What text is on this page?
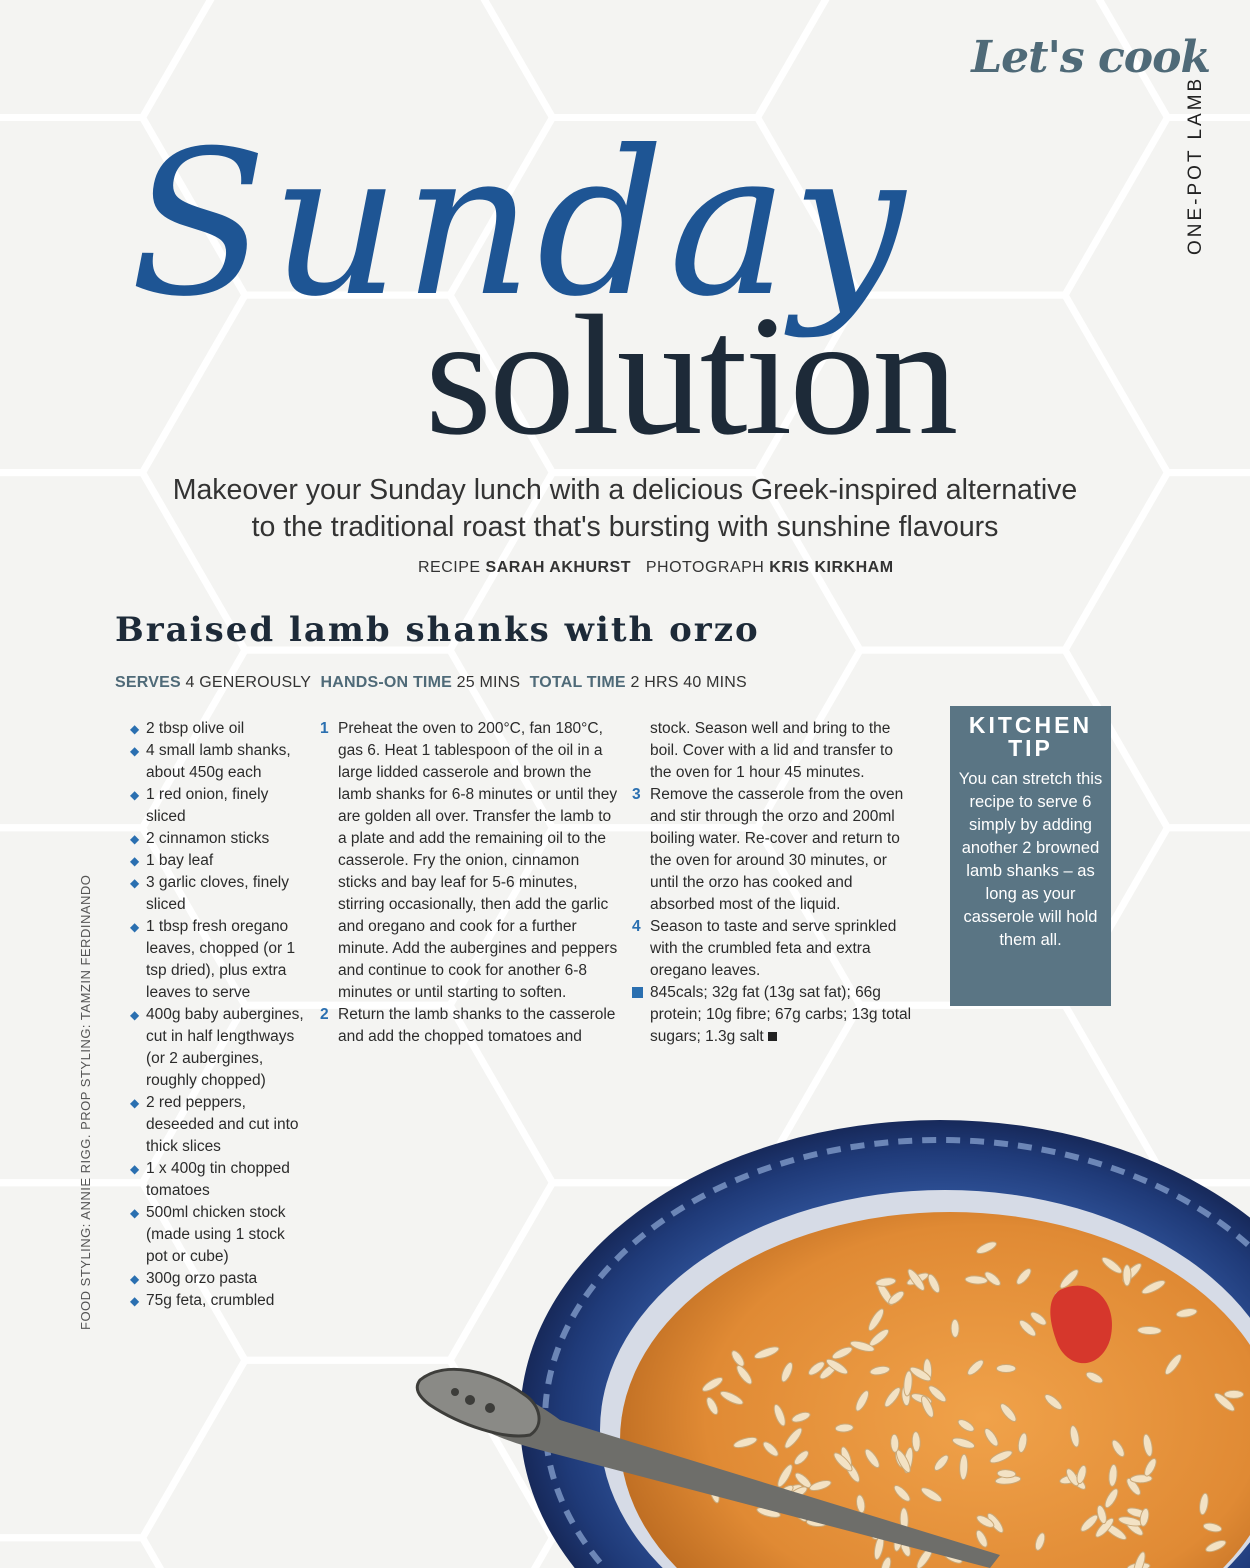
Let's cook
ONE-POT LAMB
Sunday
solution
Makeover your Sunday lunch with a delicious Greek-inspired alternative
to the traditional roast that's bursting with sunshine flavours
RECIPE SARAH AKHURST PHOTOGRAPH KRIS KIRKHAM
Braised lamb shanks with orzo
SERVES 4 GENEROUSLY HANDS-ON TIME 25 MINS TOTAL TIME 2 HRS 40 MINS
◆ 2 tbsp olive oil
◆ 4 small lamb shanks, about 450g each
◆ 1 red onion, finely sliced
◆ 2 cinnamon sticks
◆ 1 bay leaf
◆ 3 garlic cloves, finely sliced
◆ 1 tbsp fresh oregano leaves, chopped (or 1 tsp dried), plus extra leaves to serve
◆ 400g baby aubergines, cut in half lengthways (or 2 aubergines, roughly chopped)
◆ 2 red peppers, deseeded and cut into thick slices
◆ 1 x 400g tin chopped tomatoes
◆ 500ml chicken stock (made using 1 stock pot or cube)
◆ 300g orzo pasta
◆ 75g feta, crumbled

1 Preheat the oven to 200°C, fan 180°C, gas 6. Heat 1 tablespoon of the oil in a large lidded casserole and brown the lamb shanks for 6-8 minutes or until they are golden all over. Transfer the lamb to a plate and add the remaining oil to the casserole. Fry the onion, cinnamon sticks and bay leaf for 5-6 minutes, stirring occasionally, then add the garlic and oregano and cook for a further minute. Add the aubergines and peppers and continue to cook for another 6-8 minutes or until starting to soften.

2 Return the lamb shanks to the casserole and add the chopped tomatoes and

stock. Season well and bring to the boil. Cover with a lid and transfer to the oven for 1 hour 45 minutes.

3 Remove the casserole from the oven and stir through the orzo and 200ml boiling water. Re-cover and return to the oven for around 30 minutes, or until the orzo has cooked and absorbed most of the liquid.

4 Season to taste and serve sprinkled with the crumbled feta and extra oregano leaves.

845cals; 32g fat (13g sat fat); 66g protein; 10g fibre; 67g carbs; 13g total sugars; 1.3g salt

KITCHEN
TIP
You can stretch this recipe to serve 6 simply by adding another 2 browned lamb shanks – as long as your casserole will hold them all.
FOOD STYLING: ANNIE RIGG. PROP STYLING: TAMZIN FERDINANDO
